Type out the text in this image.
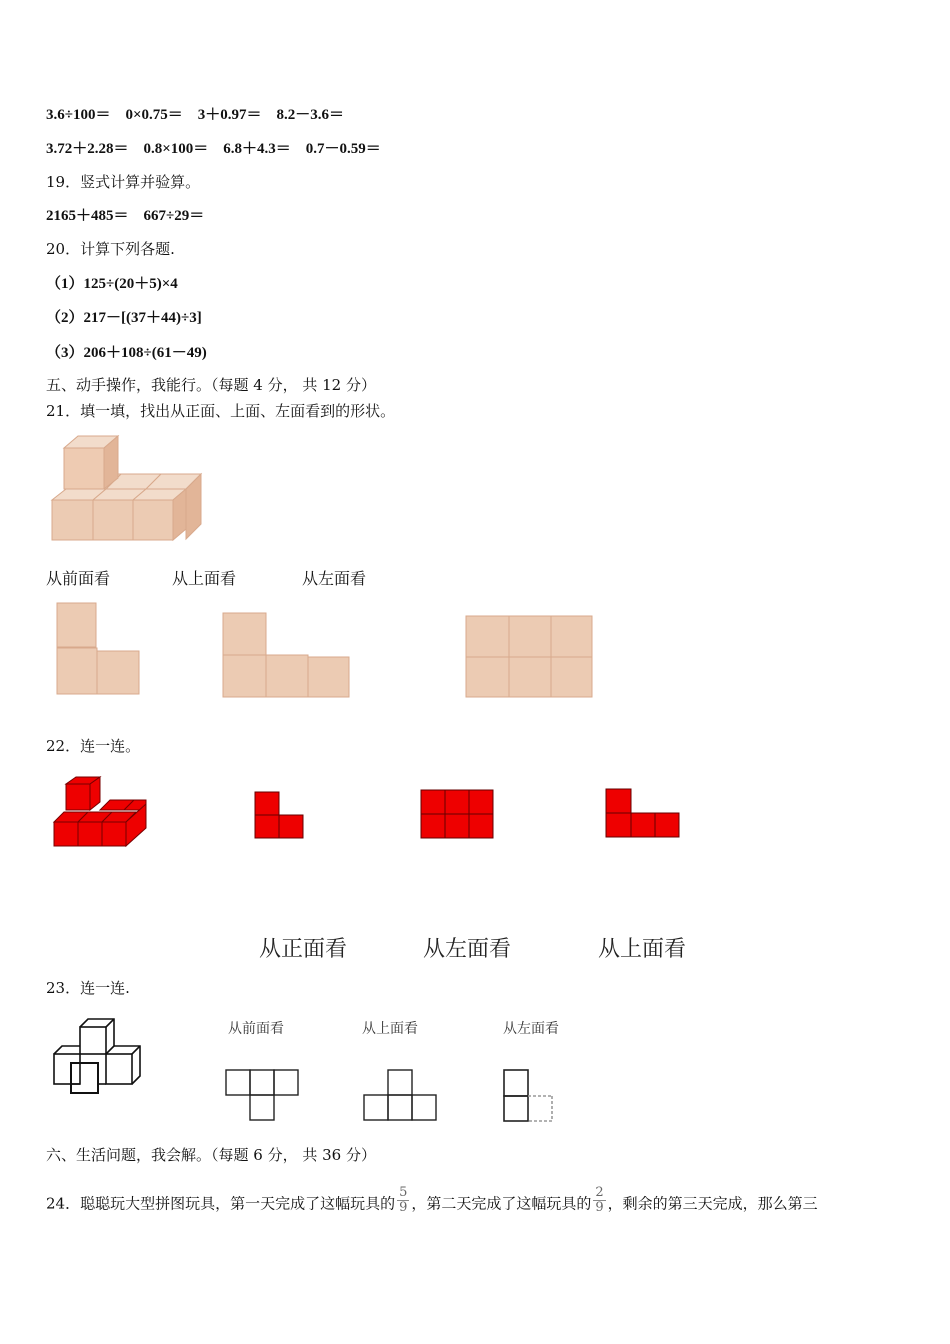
3.6÷100＝　0×0.75＝　3＋0.97＝　8.2－3.6＝
3.72＋2.28＝　0.8×100＝　6.8＋4.3＝　0.7－0.59＝
19．竖式计算并验算。
2165＋485＝　667÷29＝
20．计算下列各题.
（1）125÷(20＋5)×4
（2）217－[(37＋44)÷3]
（3）206＋108÷(61－49)
五、动手操作，我能行。（每题 4 分， 共 12 分）
21．填一填，找出从正面、上面、左面看到的形状。
从前面看	从上面看	从左面看
22．连一连。
从正面看	从左面看	从上面看
23．连一连.
从前面看	从上面看	从左面看
六、生活问题，我会解。（每题 6 分， 共 36 分）
24．聪聪玩大型拼图玩具，第一天完成了这幅玩具的 $\frac{5}{9}$ ，第二天完成了这幅玩具的 $\frac{2}{9}$ ，剩余的第三天完成，那么第三
